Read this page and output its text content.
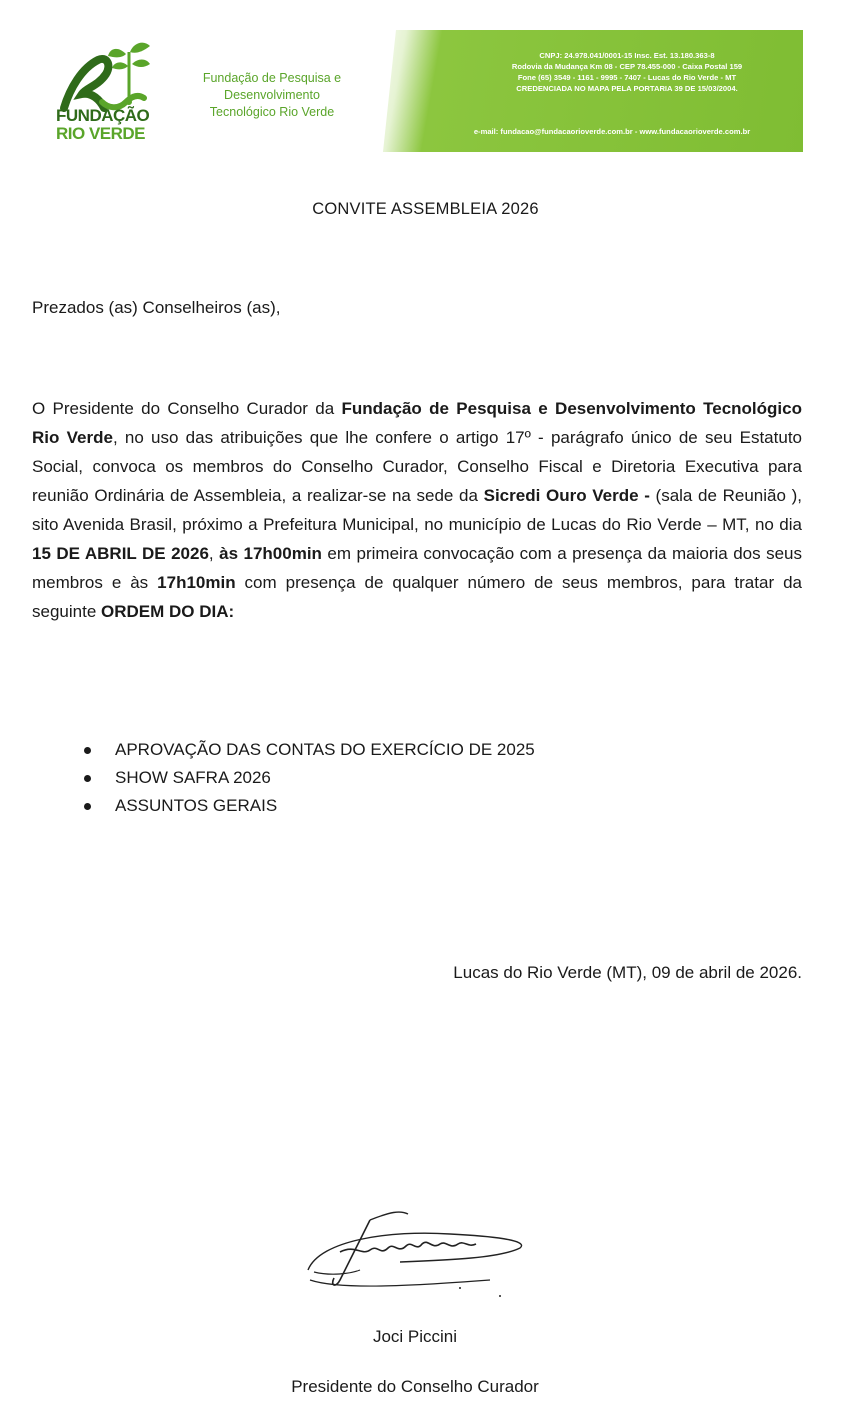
FUNDAÇÃO
RIO VERDE
Fundação de Pesquisa e Desenvolvimento Tecnológico Rio Verde
CNPJ: 24.978.041/0001-15 Insc. Est. 13.180.363-8
Rodovia da Mudança Km 08 - CEP 78.455-000 - Caixa Postal 159
Fone (65) 3549 - 1161 - 9995 - 7407 - Lucas do Rio Verde - MT
CREDENCIADA NO MAPA PELA PORTARIA 39 DE 15/03/2004.
e-mail: fundacao@fundacaorioverde.com.br - www.fundacaorioverde.com.br
CONVITE ASSEMBLEIA 2026
Prezados (as) Conselheiros (as),
O Presidente do Conselho Curador da Fundação de Pesquisa e Desenvolvimento Tecnológico Rio Verde, no uso das atribuições que lhe confere o artigo 17º - parágrafo único de seu Estatuto Social, convoca os membros do Conselho Curador, Conselho Fiscal e Diretoria Executiva para reunião Ordinária de Assembleia, a realizar-se na sede da Sicredi Ouro Verde - (sala de Reunião ), sito Avenida Brasil, próximo a Prefeitura Municipal, no município de Lucas do Rio Verde – MT, no dia 15 DE ABRIL DE 2026, às 17h00min em primeira convocação com a presença da maioria dos seus membros e às 17h10min com presença de qualquer número de seus membros, para tratar da seguinte ORDEM DO DIA:
APROVAÇÃO DAS CONTAS DO EXERCÍCIO DE 2025
SHOW SAFRA 2026
ASSUNTOS GERAIS
Lucas do Rio Verde (MT), 09 de abril de 2026.
Joci Piccini
Presidente do Conselho Curador
